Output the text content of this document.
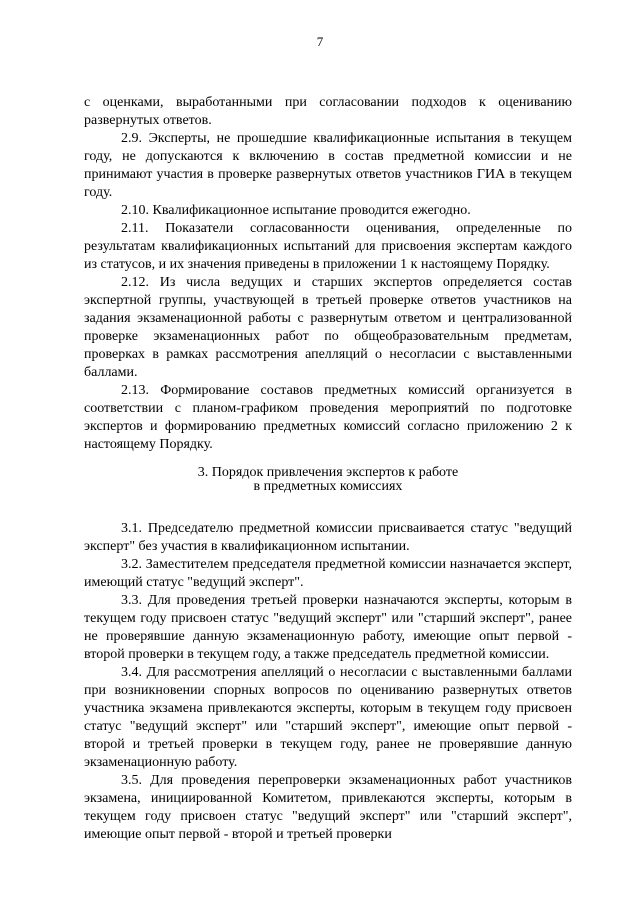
7

с оценками, выработанными при согласовании подходов к оцениванию развернутых ответов.

2.9. Эксперты, не прошедшие квалификационные испытания в текущем году, не допускаются к включению в состав предметной комиссии и не принимают участия в проверке развернутых ответов участников ГИА в текущем году.

2.10. Квалификационное испытание проводится ежегодно.

2.11. Показатели согласованности оценивания, определенные по результатам квалификационных испытаний для присвоения экспертам каждого из статусов, и их значения приведены в приложении 1 к настоящему Порядку.

2.12. Из числа ведущих и старших экспертов определяется состав экспертной группы, участвующей в третьей проверке ответов участников на задания экзаменационной работы с развернутым ответом и централизованной проверке экзаменационных работ по общеобразовательным предметам, проверках в рамках рассмотрения апелляций о несогласии с выставленными баллами.

2.13. Формирование составов предметных комиссий организуется в соответствии с планом-графиком проведения мероприятий по подготовке экспертов и формированию предметных комиссий согласно приложению 2 к настоящему Порядку.

3. Порядок привлечения экспертов к работе
в предметных комиссиях

3.1. Председателю предметной комиссии присваивается статус "ведущий эксперт" без участия в квалификационном испытании.

3.2. Заместителем председателя предметной комиссии назначается эксперт, имеющий статус "ведущий эксперт".

3.3. Для проведения третьей проверки назначаются эксперты, которым в текущем году присвоен статус "ведущий эксперт" или "старший эксперт", ранее не проверявшие данную экзаменационную работу, имеющие опыт первой - второй проверки в текущем году, а также председатель предметной комиссии.

3.4. Для рассмотрения апелляций о несогласии с выставленными баллами при возникновении спорных вопросов по оцениванию развернутых ответов участника экзамена привлекаются эксперты, которым в текущем году присвоен статус "ведущий эксперт" или "старший эксперт", имеющие опыт первой - второй и третьей проверки в текущем году, ранее не проверявшие данную экзаменационную работу.

3.5. Для проведения перепроверки экзаменационных работ участников экзамена, инициированной Комитетом, привлекаются эксперты, которым в текущем году присвоен статус "ведущий эксперт" или "старший эксперт", имеющие опыт первой - второй и третьей проверки
